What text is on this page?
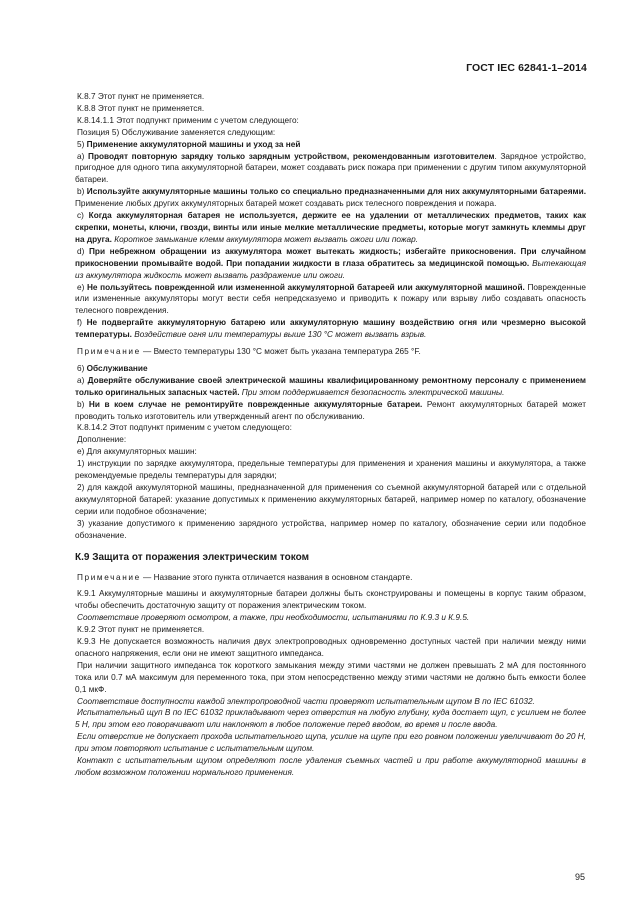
ГОСТ IEC 62841-1–2014

К.8.7 Этот пункт не применяется.

К.8.8 Этот пункт не применяется.

К.8.14.1.1 Этот подпункт применим с учетом следующего:

Позиция 5) Обслуживание заменяется следующим:

5) Применение аккумуляторной машины и уход за ней

a) Проводят повторную зарядку только зарядным устройством, рекомендованным изготовителем. Зарядное устройство, пригодное для одного типа аккумуляторной батареи, может создавать риск пожара при применении с другим типом аккумуляторной батареи.

b) Используйте аккумуляторные машины только со специально предназначенными для них аккумуляторными батареями. Применение любых других аккумуляторных батарей может создавать риск телесного повреждения и пожара.

c) Когда аккумуляторная батарея не используется, держите ее на удалении от металлических предметов, таких как скрепки, монеты, ключи, гвозди, винты или иные мелкие металлические предметы, которые могут замкнуть клеммы друг на друга. Короткое замыкание клемм аккумулятора может вызвать ожоги или пожар.

d) При небрежном обращении из аккумулятора может вытекать жидкость; избегайте прикосновения. При случайном прикосновении промывайте водой. При попадании жидкости в глаза обратитесь за медицинской помощью. Вытекающая из аккумулятора жидкость может вызвать раздражение или ожоги.

e) Не пользуйтесь поврежденной или измененной аккумуляторной батареей или аккумуляторной машиной. Поврежденные или измененные аккумуляторы могут вести себя непредсказуемо и приводить к пожару или взрыву либо создавать опасность телесного повреждения.

f) Не подвергайте аккумуляторную батарею или аккумуляторную машину воздействию огня или чрезмерно высокой температуры. Воздействие огня или температуры выше 130 °С может вызвать взрыв.

Примечание — Вместо температуры 130 °С может быть указана температура 265 °F.

6) Обслуживание

a) Доверяйте обслуживание своей электрической машины квалифицированному ремонтному персоналу с применением только оригинальных запасных частей. При этом поддерживается безопасность электрической машины.

b) Ни в коем случае не ремонтируйте поврежденные аккумуляторные батареи. Ремонт аккумуляторных батарей может проводить только изготовитель или утвержденный агент по обслуживанию.

К.8.14.2 Этот подпункт применим с учетом следующего:

Дополнение:

e) Для аккумуляторных машин:

1) инструкции по зарядке аккумулятора, предельные температуры для применения и хранения машины и аккумулятора, а также рекомендуемые пределы температуры для зарядки;

2) для каждой аккумуляторной машины, предназначенной для применения со съемной аккумуляторной батарей или с отдельной аккумуляторной батарей: указание допустимых к применению аккумуляторных батарей, например номер по каталогу, обозначение серии или подобное обозначение;

3) указание допустимого к применению зарядного устройства, например номер по каталогу, обозначение серии или подобное обозначение.

К.9 Защита от поражения электрическим током

Примечание — Название этого пункта отличается названия в основном стандарте.

К.9.1 Аккумуляторные машины и аккумуляторные батареи должны быть сконструированы и помещены в корпус таким образом, чтобы обеспечить достаточную защиту от поражения электрическим током.

Соответствие проверяют осмотром, а также, при необходимости, испытаниями по К.9.3 и К.9.5.

К.9.2 Этот пункт не применяется.

К.9.3 Не допускается возможность наличия двух электропроводных одновременно доступных частей при наличии между ними опасного напряжения, если они не имеют защитного импеданса.

При наличии защитного импеданса ток короткого замыкания между этими частями не должен превышать 2 мА для постоянного тока или 0.7 мА максимум для переменного тока, при этом непосредственно между этими частями не должно быть емкости более 0,1 мкФ.

Соответствие доступности каждой электропроводной части проверяют испытательным щупом В по IEC 61032.

Испытательный щуп В по IEC 61032 прикладывают через отверстия на любую глубину, куда достает щуп, с усилием не более 5 Н, при этом его поворачивают или наклоняют в любое положение перед вводом, во время и после ввода.

Если отверстие не допускает прохода испытательного щупа, усилие на щупе при его ровном положении увеличивают до 20 Н, при этом повторяют испытание с испытательным щупом.

Контакт с испытательным щупом определяют после удаления съемных частей и при работе аккумуляторной машины в любом возможном положении нормального применения.

95
